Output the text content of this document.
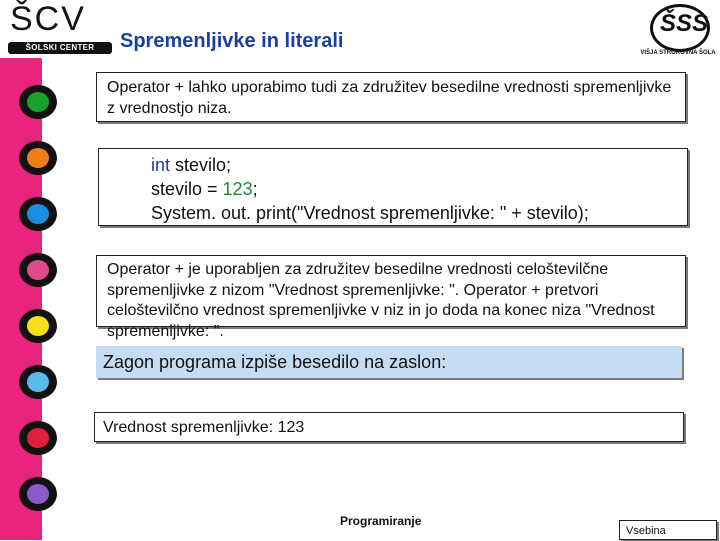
ŠCV
ŠOLSKI CENTER VELENJE
Spremenljivke in literali
ŠSS
VIŠJA STROKOVNA ŠOLA

Operator + lahko uporabimo tudi za združitev besedilne vrednosti spremenljivke z vrednostjo niza.

int stevilo;
stevilo = 123;
System. out. print("Vrednost spremenljivke: " + stevilo);

Operator + je uporabljen za združitev besedilne vrednosti celoštevilčne spremenljivke z nizom "Vrednost spremenljivke: ". Operator + pretvori celoštevilčno vrednost spremenljivke v niz in jo doda na konec niza "Vrednost spremenljivke: ".

Zagon programa izpiše besedilo na zaslon:
Vrednost spremenljivke: 123
Programiranje
Vsebina
